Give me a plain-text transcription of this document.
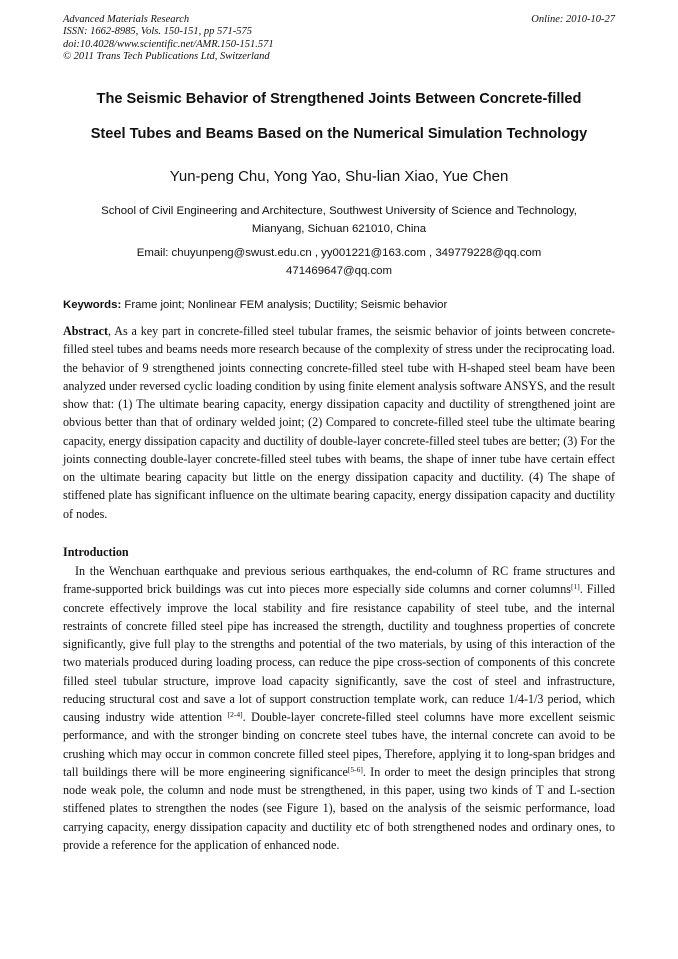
Advanced Materials Research
ISSN: 1662-8985, Vols. 150-151, pp 571-575
doi:10.4028/www.scientific.net/AMR.150-151.571
© 2011 Trans Tech Publications Ltd, Switzerland
Online: 2010-10-27
The Seismic Behavior of Strengthened Joints Between Concrete-filled
Steel Tubes and Beams Based on the Numerical Simulation Technology
Yun-peng Chu, Yong Yao, Shu-lian Xiao, Yue Chen
School of Civil Engineering and Architecture, Southwest University of Science and Technology,
Mianyang, Sichuan 621010, China
Email: chuyunpeng@swust.edu.cn , yy001221@163.com , 349779228@qq.com
471469647@qq.com
Keywords: Frame joint; Nonlinear FEM analysis; Ductility; Seismic behavior
Abstract, As a key part in concrete-filled steel tubular frames, the seismic behavior of joints between concrete-filled steel tubes and beams needs more research because of the complexity of stress under the reciprocating load. the behavior of 9 strengthened joints connecting concrete-filled steel tube with H-shaped steel beam have been analyzed under reversed cyclic loading condition by using finite element analysis software ANSYS, and the result show that: (1) The ultimate bearing capacity, energy dissipation capacity and ductility of strengthened joint are obvious better than that of ordinary welded joint; (2) Compared to concrete-filled steel tube the ultimate bearing capacity, energy dissipation capacity and ductility of double-layer concrete-filled steel tubes are better; (3) For the joints connecting double-layer concrete-filled steel tubes with beams, the shape of inner tube have certain effect on the ultimate bearing capacity but little on the energy dissipation capacity and ductility. (4) The shape of stiffened plate has significant influence on the ultimate bearing capacity, energy dissipation capacity and ductility of nodes.
Introduction
In the Wenchuan earthquake and previous serious earthquakes, the end-column of RC frame structures and frame-supported brick buildings was cut into pieces more especially side columns and corner columns[1]. Filled concrete effectively improve the local stability and fire resistance capability of steel tube, and the internal restraints of concrete filled steel pipe has increased the strength, ductility and toughness properties of concrete significantly, give full play to the strengths and potential of the two materials, by using of this interaction of the two materials produced during loading process, can reduce the pipe cross-section of components of this concrete filled steel tubular structure, improve load capacity significantly, save the cost of steel and infrastructure, reducing structural cost and save a lot of support construction template work, can reduce 1/4-1/3 period, which causing industry wide attention [2-4]. Double-layer concrete-filled steel columns have more excellent seismic performance, and with the stronger binding on concrete steel tubes have, the internal concrete can avoid to be crushing which may occur in common concrete filled steel pipes, Therefore, applying it to long-span bridges and tall buildings there will be more engineering significance[5-6]. In order to meet the design principles that strong node weak pole, the column and node must be strengthened, in this paper, using two kinds of T and L-section stiffened plates to strengthen the nodes (see Figure 1), based on the analysis of the seismic performance, load carrying capacity, energy dissipation capacity and ductility etc of both strengthened nodes and ordinary ones, to provide a reference for the application of enhanced node.
